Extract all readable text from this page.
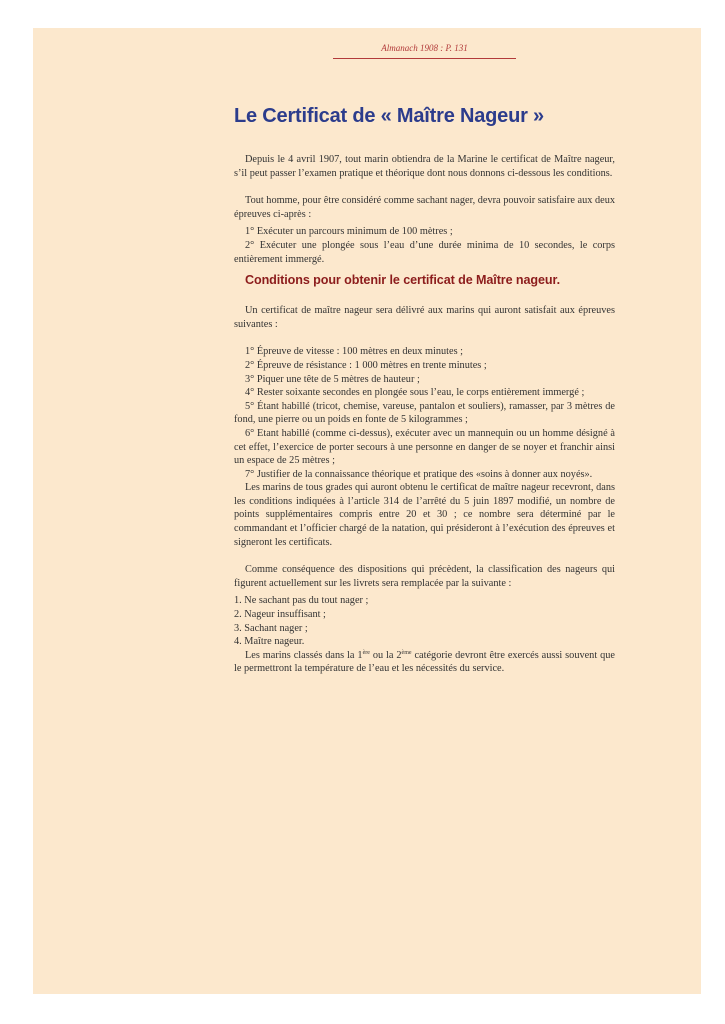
Almanach 1908 : P. 131
Le Certificat de « Maître Nageur »

Depuis le 4 avril 1907, tout marin obtiendra de la Marine le certificat de Maître nageur, s’il peut passer l’examen pratique et théorique dont nous donnons ci-dessous les conditions.

Tout homme, pour être considéré comme sachant nager, devra pouvoir satisfaire aux deux épreuves ci-après :

1° Exécuter un parcours minimum de 100 mètres ;
2° Exécuter une plongée sous l’eau d’une durée minima de 10 secondes, le corps entièrement immergé.
Conditions pour obtenir le certificat de Maître nageur.

Un certificat de maître nageur sera délivré aux marins qui auront satisfait aux épreuves suivantes :

1° Épreuve de vitesse : 100 mètres en deux minutes ;
2° Épreuve de résistance : 1 000 mètres en trente minutes ;
3° Piquer une tête de 5 mètres de hauteur ;
4° Rester soixante secondes en plongée sous l’eau, le corps entièrement immergé ;
5° Étant habillé (tricot, chemise, vareuse, pantalon et souliers), ramasser, par 3 mètres de fond, une pierre ou un poids en fonte de 5 kilogrammes ;
6° Etant habillé (comme ci-dessus), exécuter avec un mannequin ou un homme désigné à cet effet, l’exercice de porter secours à une personne en danger de se noyer et franchir ainsi un espace de 25 mètres ;
7° Justifier de la connaissance théorique et pratique des «soins à donner aux noyés».

Les marins de tous grades qui auront obtenu le certificat de maître nageur recevront, dans les conditions indiquées à l’article 314 de l’arrêté du 5 juin 1897 modifié, un nombre de points supplémentaires compris entre 20 et 30 ; ce nombre sera déterminé par le commandant et l’officier chargé de la natation, qui présideront à l’exécution des épreuves et signeront les certificats.

Comme conséquence des dispositions qui précèdent, la classification des nageurs qui figurent actuellement sur les livrets sera remplacée par la suivante :

1. Ne sachant pas du tout nager ;
2. Nageur insuffisant ;
3. Sachant nager ;
4. Maître nageur.

Les marins classés dans la 1ère ou la 2ème catégorie devront être exercés aussi souvent que le permettront la température de l’eau et les nécessités du service.
